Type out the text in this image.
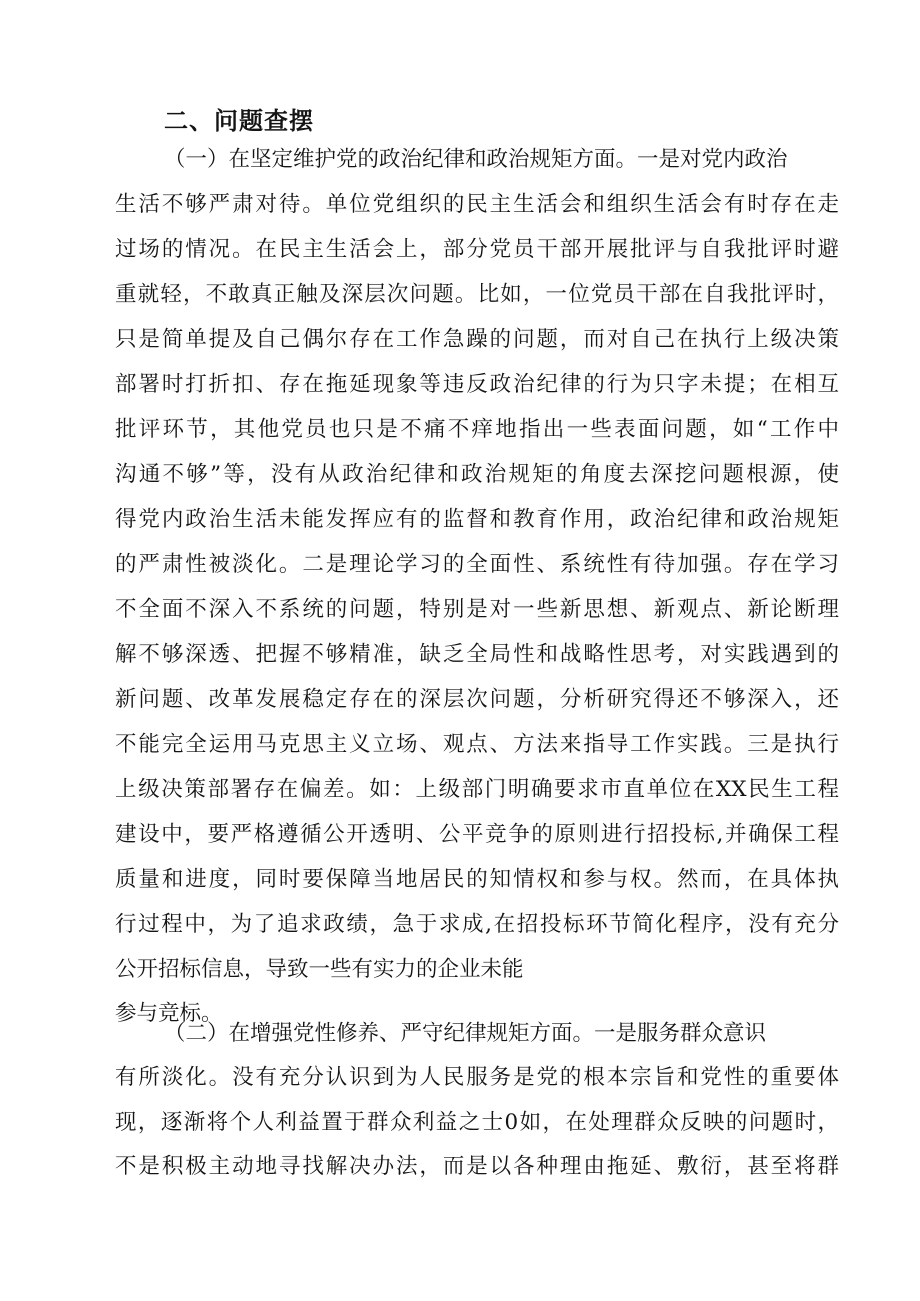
二、问题查摆
（一）在坚定维护党的政治纪律和政治规矩方面。一是对党内政治
生活不够严肃对待。单位党组织的民主生活会和组织生活会有时存在走
过场的情况。在民主生活会上，部分党员干部开展批评与自我批评时避
重就轻，不敢真正触及深层次问题。比如，一位党员干部在自我批评时，
只是简单提及自己偶尔存在工作急躁的问题，而对自己在执行上级决策
部署时打折扣、存在拖延现象等违反政治纪律的行为只字未提；在相互
批评环节，其他党员也只是不痛不痒地指出一些表面问题，如“工作中
沟通不够”等，没有从政治纪律和政治规矩的角度去深挖问题根源，使
得党内政治生活未能发挥应有的监督和教育作用，政治纪律和政治规矩
的严肃性被淡化。二是理论学习的全面性、系统性有待加强。存在学习
不全面不深入不系统的问题，特别是对一些新思想、新观点、新论断理
解不够深透、把握不够精准，缺乏全局性和战略性思考，对实践遇到的
新问题、改革发展稳定存在的深层次问题，分析研究得还不够深入，还
不能完全运用马克思主义立场、观点、方法来指导工作实践。三是执行
上级决策部署存在偏差。如：上级部门明确要求市直单位在XX民生工程
建设中，要严格遵循公开透明、公平竞争的原则进行招投标,并确保工程
质量和进度，同时要保障当地居民的知情权和参与权。然而，在具体执
行过程中，为了追求政绩，急于求成,在招投标环节简化程序，没有充分
公开招标信息，导致一些有实力的企业未能
参与竞标。
（二）在增强党性修养、严守纪律规矩方面。一是服务群众意识
有所淡化。没有充分认识到为人民服务是党的根本宗旨和党性的重要体
现，逐渐将个人利益置于群众利益之士0如，在处理群众反映的问题时，
不是积极主动地寻找解决办法，而是以各种理由拖延、敷衍，甚至将群
